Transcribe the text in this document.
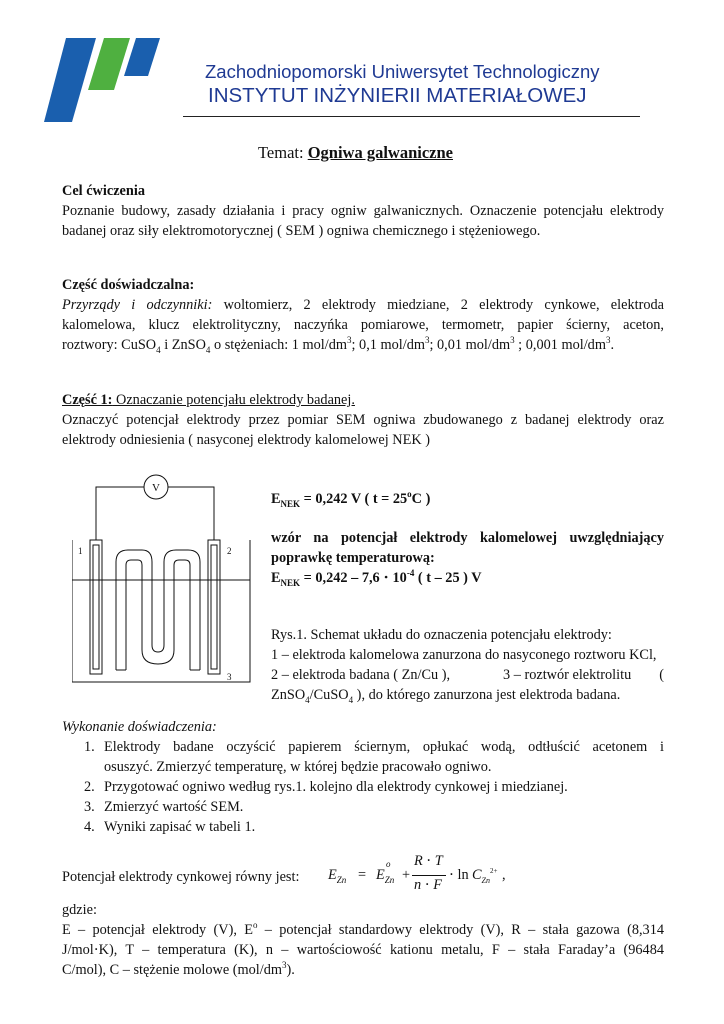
Zachodniopomorski Uniwersytet Technologiczny
INSTYTUT INŻYNIERII MATERIAŁOWEJ
Temat: Ogniwa galwaniczne
Cel ćwiczenia
Poznanie budowy, zasady działania i pracy ogniw galwanicznych. Oznaczenie potencjału elektrody
badanej oraz siły elektromotorycznej ( SEM ) ogniwa chemicznego i stężeniowego.
Część doświadczalna:
Przyrządy i odczynniki: woltomierz, 2 elektrody miedziane, 2 elektrody cynkowe, elektroda
kalomelowa, klucz elektrolityczny, naczyńka pomiarowe, termometr, papier ścierny, aceton,
roztwory: CuSO$_4$ i ZnSO$_4$ o stężeniach: 1 mol/$dm^3$; 0,1 mol/$dm^3$; 0,01 mol/$dm^3$ ; 0,001 mol/$dm^3$.
Część 1: Oznaczanie potencjału elektrody badanej.
Oznaczyć potencjał elektrody przez pomiar SEM ogniwa zbudowanego z badanej elektrody oraz
elektrody odniesienia ( nasyconej elektrody kalomelowej NEK )
V
1	2
3
$E_{NEK} = 0,242$ V ( $t = 25^oC$ )
wzór na potencjał elektrody kalomelowej uwzględniający
poprawkę temperaturową:
$E_{NEK} = 0,242 - 7,6 \cdot 10^{-4}$ ( t – 25 ) V
Rys.1. Schemat układu do oznaczenia potencjału elektrody:
1 – elektroda kalomelowa zanurzona do nasyconego roztworu KCl,
2 – elektroda badana ( Zn/Cu ),	3 – roztwór elektrolitu (
ZnSO$_4$/CuSO$_4$ ), do którego zanurzona jest elektroda badana.
Wykonanie doświadczenia:
1. Elektrody badane oczyścić papierem ściernym, opłukać wodą, odtłuścić acetonem i
osuszyć. Zmierzyć temperaturę, w której będzie pracowało ogniwo.
2. Przygotować ogniwo według rys.1. kolejno dla elektrody cynkowej i miedzianej.
3. Zmierzyć wartość SEM.
4. Wyniki zapisać w tabeli 1.
Potencjał elektrody cynkowej równy jest: $E_{Zn} = E_{Zn}$
o
+
R ⋅ T
n ⋅ F
⋅ $\ln C_{Zn}^{2+}$ ,
gdzie:
E – potencjał elektrody (V), $E^o$ – potencjał standardowy elektrody (V), R – stała gazowa (8,314
J/mol⋅K), T – temperatura (K), n – wartościowość kationu metalu, F – stała Faraday’a (96484
C/mol), C – stężenie molowe $(mol/dm^3)$.
